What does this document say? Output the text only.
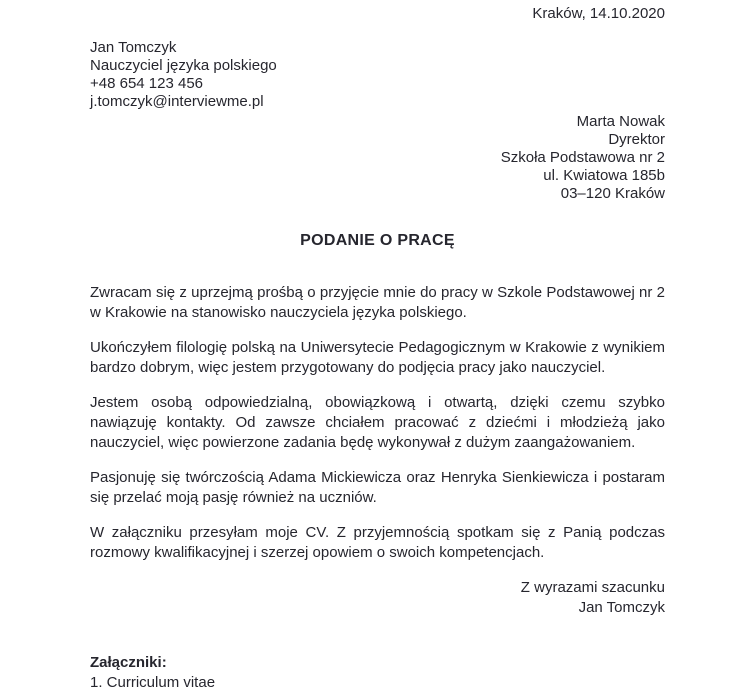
Kraków, 14.10.2020
Jan Tomczyk
Nauczyciel języka polskiego
+48 654 123 456
j.tomczyk@interviewme.pl
Marta Nowak
Dyrektor
Szkoła Podstawowa nr 2
ul. Kwiatowa 185b
03–120 Kraków
PODANIE O PRACĘ

Zwracam się z uprzejmą prośbą o przyjęcie mnie do pracy w Szkole Podstawowej nr 2 w Krakowie na stanowisko nauczyciela języka polskiego.

Ukończyłem filologię polską na Uniwersytecie Pedagogicznym w Krakowie z wynikiem bardzo dobrym, więc jestem przygotowany do podjęcia pracy jako nauczyciel.

Jestem osobą odpowiedzialną, obowiązkową i otwartą, dzięki czemu szybko nawiązuję kontakty. Od zawsze chciałem pracować z dziećmi i młodzieżą jako nauczyciel, więc powierzone zadania będę wykonywał z dużym zaangażowaniem.

Pasjonuję się twórczością Adama Mickiewicza oraz Henryka Sienkiewicza i postaram się przelać moją pasję również na uczniów.

W załączniku przesyłam moje CV. Z przyjemnością spotkam się z Panią podczas rozmowy kwalifikacyjnej i szerzej opowiem o swoich kompetencjach.

Z wyrazami szacunku
Jan Tomczyk
Załączniki:
1. Curriculum vitae
